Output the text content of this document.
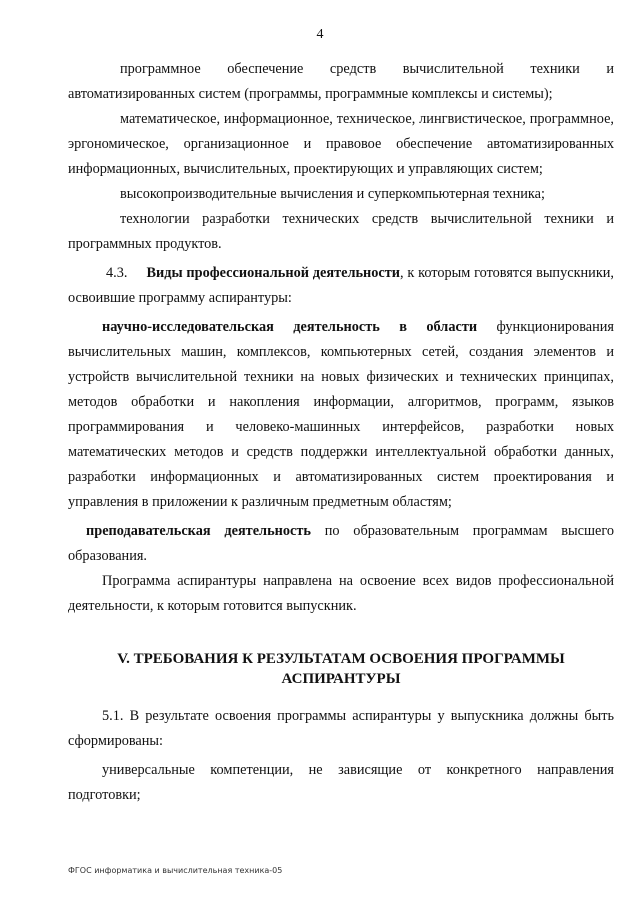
4

программное обеспечение средств вычислительной техники и автоматизированных систем (программы, программные комплексы и системы);

математическое, информационное, техническое, лингвистическое, программное, эргономическое, организационное и правовое обеспечение автоматизированных информационных, вычислительных, проектирующих и управляющих систем;

высокопроизводительные вычисления и суперкомпьютерная техника;

технологии разработки технических средств вычислительной техники и программных продуктов.

4.3. Виды профессиональной деятельности, к которым готовятся выпускники, освоившие программу аспирантуры:

научно-исследовательская деятельность в области функционирования вычислительных машин, комплексов, компьютерных сетей, создания элементов и устройств вычислительной техники на новых физических и технических принципах, методов обработки и накопления информации, алгоритмов, программ, языков программирования и человеко-машинных интерфейсов, разработки новых математических методов и средств поддержки интеллектуальной обработки данных, разработки информационных и автоматизированных систем проектирования и управления в приложении к различным предметным областям;

преподавательская деятельность по образовательным программам высшего образования.

Программа аспирантуры направлена на освоение всех видов профессиональной деятельности, к которым готовится выпускник.

V. ТРЕБОВАНИЯ К РЕЗУЛЬТАТАМ ОСВОЕНИЯ ПРОГРАММЫ
АСПИРАНТУРЫ

5.1. В результате освоения программы аспирантуры у выпускника должны быть сформированы:

универсальные компетенции, не зависящие от конкретного направления подготовки;

ФГОС информатика и вычислительная техника-05
